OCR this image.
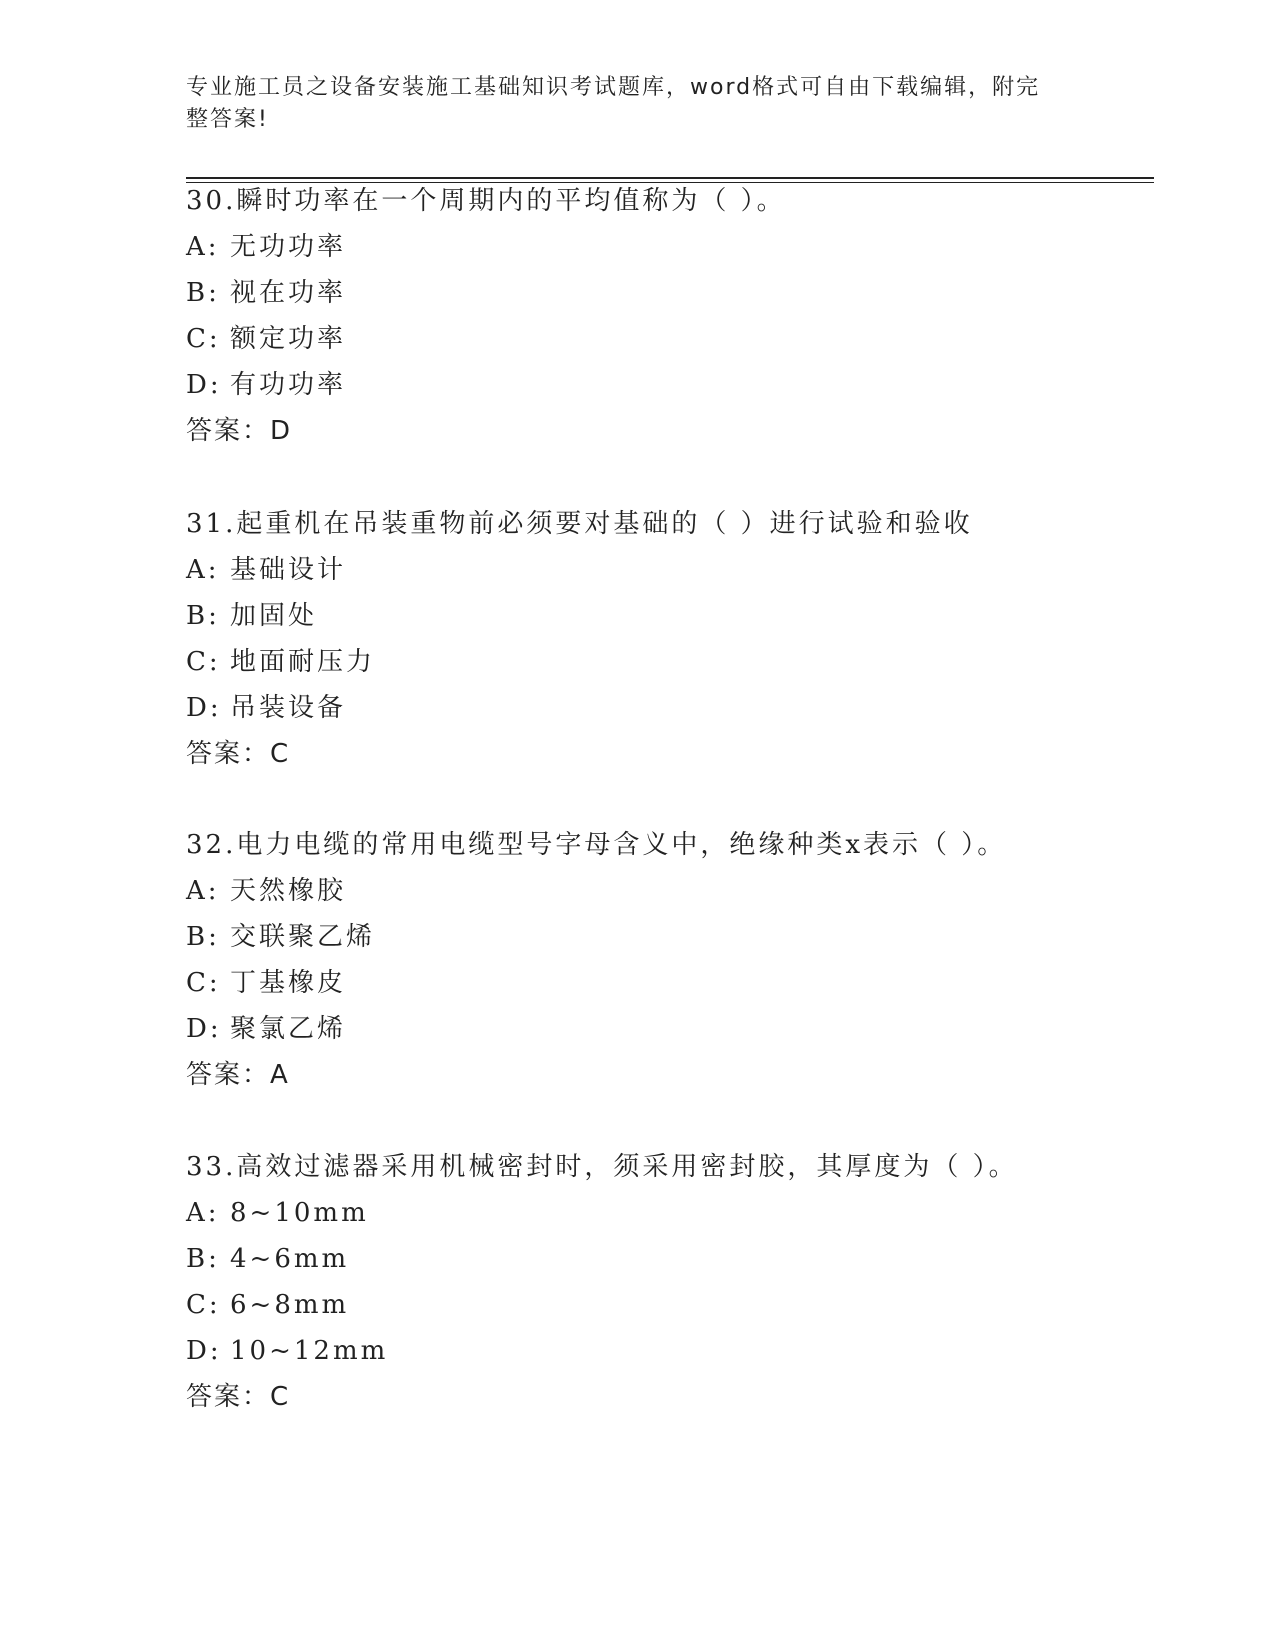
专业施工员之设备安装施工基础知识考试题库，word格式可自由下载编辑，附完
整答案!
30.瞬时功率在一个周期内的平均值称为（ ）。
A: 无功功率
B: 视在功率
C: 额定功率
D: 有功功率
答案：D
31.起重机在吊装重物前必须要对基础的（ ）进行试验和验收
A: 基础设计
B: 加固处
C: 地面耐压力
D: 吊装设备
答案：C
32.电力电缆的常用电缆型号字母含义中，绝缘种类x表示（ ）。
A: 天然橡胶
B: 交联聚乙烯
C: 丁基橡皮
D: 聚氯乙烯
答案：A
33.高效过滤器采用机械密封时，须采用密封胶，其厚度为（ ）。
A: 8~10mm
B: 4~6mm
C: 6~8mm
D: 10~12mm
答案：C
